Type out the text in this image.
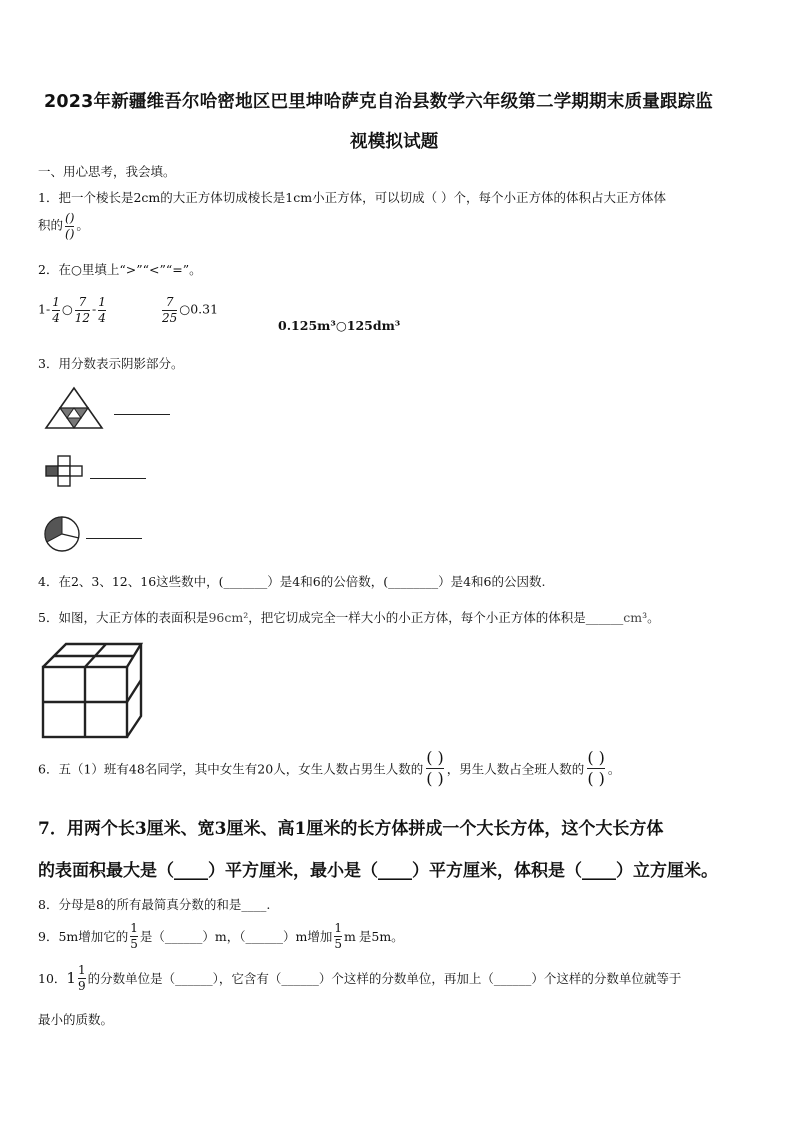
2023年新疆维吾尔哈密地区巴里坤哈萨克自治县数学六年级第二学期期末质量跟踪监
视模拟试题
一、用心思考，我会填。
1．把一个棱长是2cm的大正方体切成棱长是1cm小正方体，可以切成（ ）个，每个小正方体的体积占大正方体体
积的 $\frac{()}{()}$ 。
2．在○里填上“>”“<”“=”。
$1- \frac{1}{4}$ ○ $\frac{7}{12} - \frac{1}{4}$	$\frac{7}{25}$ ○0.31
0.125m³○125dm³
3．用分数表示阴影部分。
4．在2、3、12、16这些数中，(_______）是4和6的公倍数，(________）是4和6的公因数.
5．如图，大正方体的表面积是96cm²，把它切成完全一样大小的小正方体，每个小正方体的体积是______cm³。
6．五（1）班有48名同学，其中女生有20人，女生人数占男生人数的 $\frac{( )}{( )}$ ，男生人数占全班人数的 $\frac{( )}{( )}$ 。
7．用两个长3厘米、宽3厘米、高1厘米的长方体拼成一个大长方体，这个大长方体
的表面积最大是（____）平方厘米，最小是（____）平方厘米，体积是（____）立方厘米。
8．分母是8的所有最简真分数的和是____.
9．5m增加它的 $\frac{1}{5}$ 是（______）m，（______）m增加 $\frac{1}{5}$ m 是5m。
10．$1 \frac{1}{9}$ 的分数单位是（______），它含有（______）个这样的分数单位，再加上（______）个这样的分数单位就等于
最小的质数。
